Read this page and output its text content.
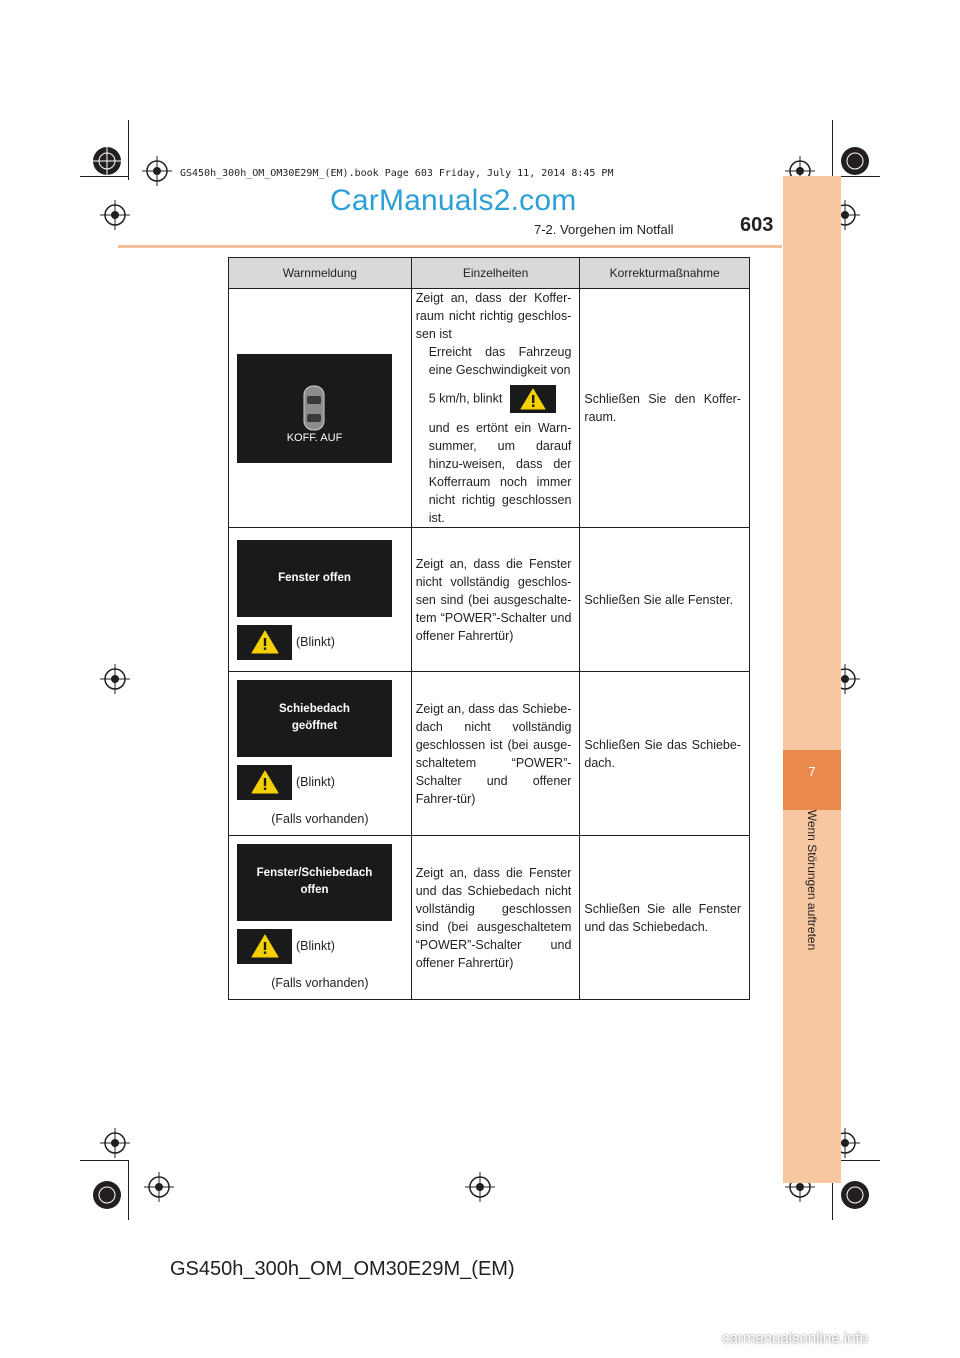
GS450h_300h_OM_OM30E29M_(EM).book Page 603 Friday, July 11, 2014 8:45 PM
CarManuals2.com
7-2. Vorgehen im Notfall	603
7
Wenn Störungen auftreten
Warnmeldung	Einzelheiten	Korrekturmaßnahme

KOFF. AUF	Zeigt an, dass der Koffer-raum nicht richtig geschlos-sen ist
Erreicht das Fahrzeug eine Geschwindigkeit von
5 km/h, blinkt
und es ertönt ein Warn-summer, um darauf hinzu-weisen, dass der Kofferraum noch immer nicht richtig geschlossen ist.	Schließen Sie den Koffer-raum.

Fenster offen
(Blinkt)	Zeigt an, dass die Fenster nicht vollständig geschlos-sen sind (bei ausgeschalte-tem “POWER”-Schalter und offener Fahrertür)	Schließen Sie alle Fenster.

Schiebedach geöffnet
(Blinkt)
(Falls vorhanden)	Zeigt an, dass das Schiebe-dach nicht vollständig geschlossen ist (bei ausge-schaltetem “POWER”-Schalter und offener Fahrer-tür)	Schließen Sie das Schiebe-dach.

Fenster/Schiebedach offen
(Blinkt)
(Falls vorhanden)	Zeigt an, dass die Fenster und das Schiebedach nicht vollständig geschlossen sind (bei ausgeschaltetem “POWER”-Schalter und offener Fahrertür)	Schließen Sie alle Fenster und das Schiebedach.
GS450h_300h_OM_OM30E29M_(EM)
carmanualsonline.info
